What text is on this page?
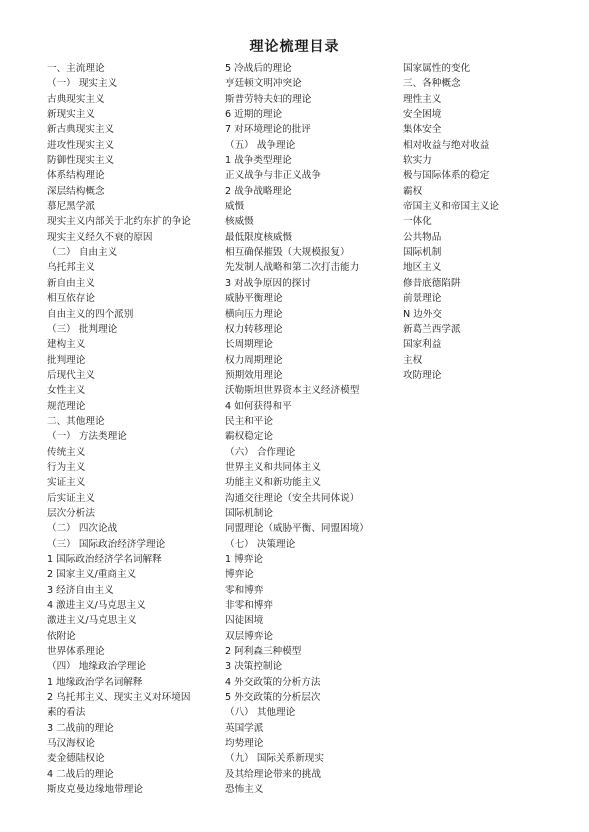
理论梳理目录
一、主流理论
（一） 现实主义
古典现实主义
新现实主义
新古典现实主义
进攻性现实主义
防御性现实主义
体系结构理论
深层结构概念
慕尼黑学派
现实主义内部关于北约东扩的争论
现实主义经久不衰的原因
（二） 自由主义
乌托邦主义
新自由主义
相互依存论
自由主义的四个派别
（三） 批判理论
建构主义
批判理论
后现代主义
女性主义
规范理论
二、其他理论
（一） 方法类理论
传统主义
行为主义
实证主义
后实证主义
层次分析法
（二） 四次论战
（三） 国际政治经济学理论
1 国际政治经济学名词解释
2 国家主义/重商主义
3 经济自由主义
4 激进主义/马克思主义
激进主义/马克思主义
依附论
世界体系理论
（四） 地缘政治学理论
1 地缘政治学名词解释
2 乌托邦主义、现实主义对环境因
素的看法
3 二战前的理论
马汉海权论
麦金德陆权论
4 二战后的理论
斯皮克曼边缘地带理论
5 冷战后的理论
亨廷顿文明冲突论
斯普劳特夫妇的理论
6 近期的理论
7 对环境理论的批评
（五） 战争理论
1 战争类型理论
正义战争与非正义战争
2 战争战略理论
威慑
核威慑
最低限度核威慑
相互确保摧毁（大规模报复）
先发制人战略和第二次打击能力
3 对战争原因的探讨
威胁平衡理论
横向压力理论
权力转移理论
长周期理论
权力周期理论
预期效用理论
沃勒斯坦世界资本主义经济模型
4 如何获得和平
民主和平论
霸权稳定论
（六） 合作理论
世界主义和共同体主义
功能主义和新功能主义
沟通交往理论（安全共同体说）
国际机制论
同盟理论（威胁平衡、同盟困境）
（七） 决策理论
1 博弈论
博弈论
零和博弈
非零和博弈
囚徒困境
双层博弈论
2 阿利森三种模型
3 决策控制论
4 外交政策的分析方法
5 外交政策的分析层次
（八） 其他理论
英国学派
均势理论
（九） 国际关系新现实
及其给理论带来的挑战
恐怖主义
国家属性的变化
三、各种概念
理性主义
安全困境
集体安全
相对收益与绝对收益
软实力
极与国际体系的稳定
霸权
帝国主义和帝国主义论
一体化
公共物品
国际机制
地区主义
修昔底德陷阱
前景理论
N 边外交
新葛兰西学派
国家利益
主权
攻防理论
